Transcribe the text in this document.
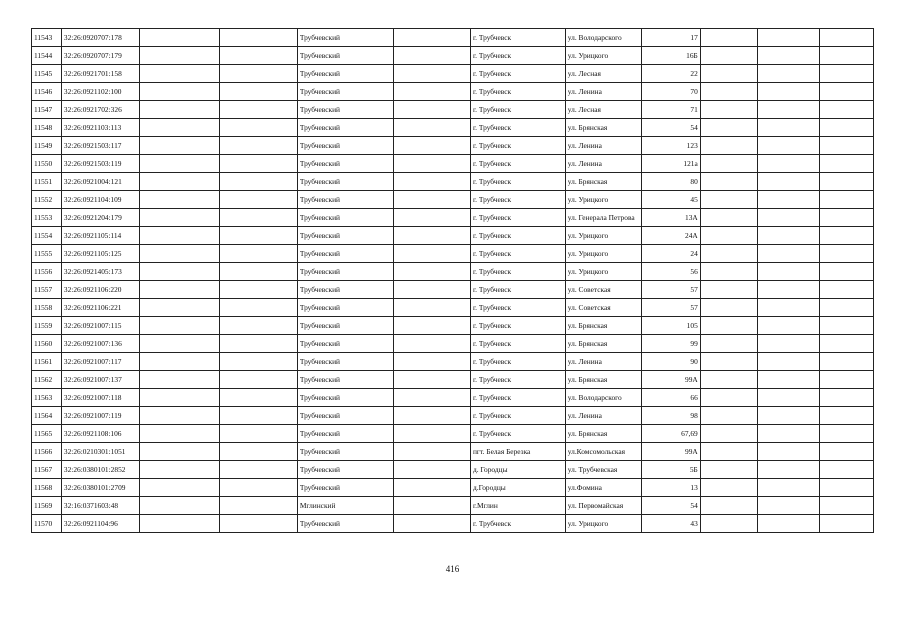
11543	32:26:0920707:178			Трубчевский		г. Трубчевск	ул. Володарского	17			
11544	32:26:0920707:179			Трубчевский		г. Трубчевск	ул. Урицкого	16Б			
11545	32:26:0921701:158			Трубчевский		г. Трубчевск	ул. Лесная	22			
11546	32:26:0921102:100			Трубчевский		г. Трубчевск	ул. Ленина	70			
11547	32:26:0921702:326			Трубчевский		г. Трубчевск	ул. Лесная	71			
11548	32:26:0921103:113			Трубчевский		г. Трубчевск	ул. Брянская	54			
11549	32:26:0921503:117			Трубчевский		г. Трубчевск	ул. Ленина	123			
11550	32:26:0921503:119			Трубчевский		г. Трубчевск	ул. Ленина	121а			
11551	32:26:0921004:121			Трубчевский		г. Трубчевск	ул. Брянская	80			
11552	32:26:0921104:109			Трубчевский		г. Трубчевск	ул. Урицкого	45			
11553	32:26:0921204:179			Трубчевский		г. Трубчевск	ул. Генерала Петрова	13А			
11554	32:26:0921105:114			Трубчевский		г. Трубчевск	ул. Урицкого	24А			
11555	32:26:0921105:125			Трубчевский		г. Трубчевск	ул. Урицкого	24			
11556	32:26:0921405:173			Трубчевский		г. Трубчевск	ул. Урицкого	56			
11557	32:26:0921106:220			Трубчевский		г. Трубчевск	ул. Советская	57			
11558	32:26:0921106:221			Трубчевский		г. Трубчевск	ул. Советская	57			
11559	32:26:0921007:115			Трубчевский		г. Трубчевск	ул. Брянская	105			
11560	32:26:0921007:136			Трубчевский		г. Трубчевск	ул. Брянская	99			
11561	32:26:0921007:117			Трубчевский		г. Трубчевск	ул. Ленина	90			
11562	32:26:0921007:137			Трубчевский		г. Трубчевск	ул. Брянская	99А			
11563	32:26:0921007:118			Трубчевский		г. Трубчевск	ул. Володарского	66			
11564	32:26:0921007:119			Трубчевский		г. Трубчевск	ул. Ленина	98			
11565	32:26:0921108:106			Трубчевский		г. Трубчевск	ул. Брянская	67,69			
11566	32:26:0210301:1051			Трубчевский		пгт. Белая Березка	ул.Комсомольская	99А			
11567	32:26:0380101:2852			Трубчевский		д. Городцы	ул. Трубчевская	5Б			
11568	32:26:0380101:2709			Трубчевский		д.Городцы	ул.Фомина	13			
11569	32:16:0371603:48			Мглинский		г.Мглин	ул. Первомайская	54			
11570	32:26:0921104:96			Трубчевский		г. Трубчевск	ул. Урицкого	43			
416
